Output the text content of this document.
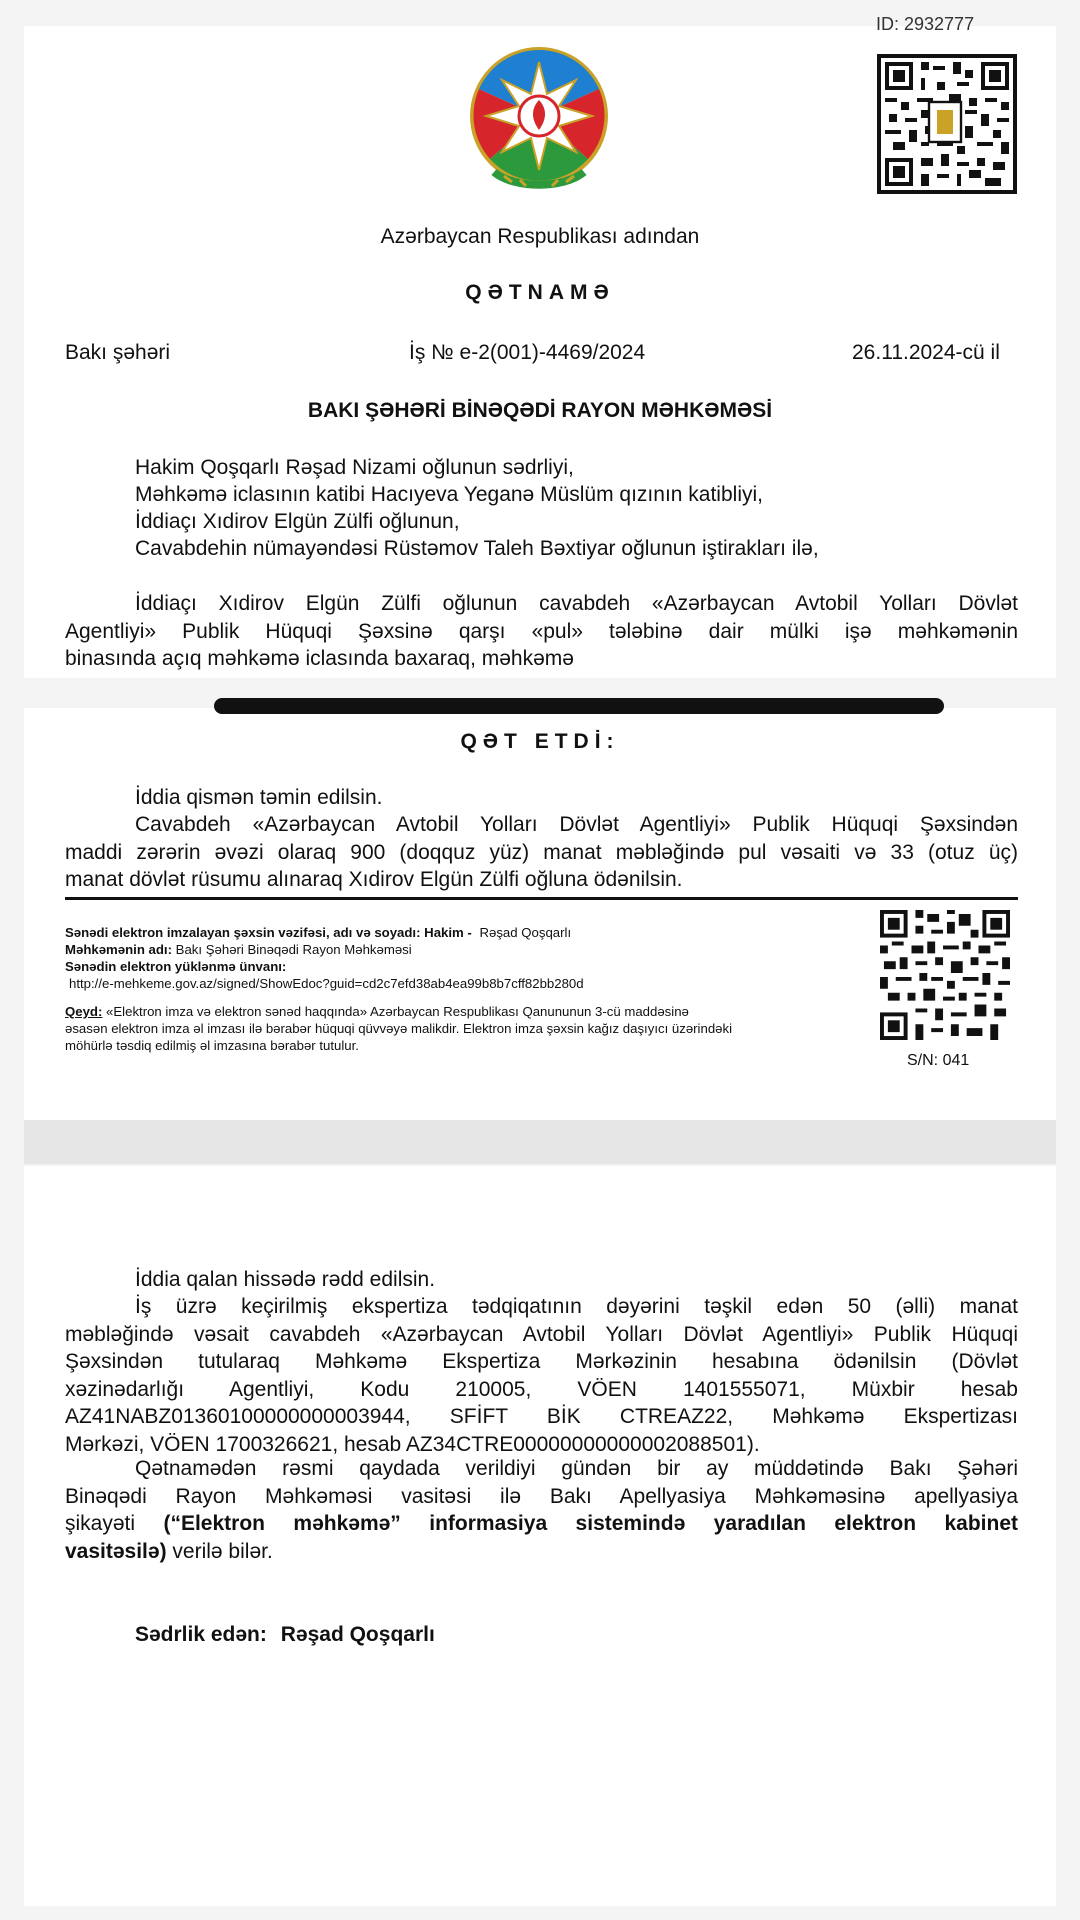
ID: 2932777
Azərbaycan Respublikası adından
QƏTNAMƏ
Bakı şəhəri	İş № e-2(001)-4469/2024	26.11.2024-cü il
BAKI ŞƏHƏRİ BİNƏQƏDİ RAYON MƏHKƏMƏSİ
Hakim Qoşqarlı Rəşad Nizami oğlunun sədrliyi,
Məhkəmə iclasının katibi Hacıyeva Yeganə Müslüm qızının katibliyi,
İddiaçı Xıdirov Elgün Zülfi oğlunun,
Cavabdehin nümayəndəsi Rüstəmov Taleh Bəxtiyar oğlunun iştirakları ilə,
İddiaçı Xıdirov Elgün Zülfi oğlunun cavabdeh «Azərbaycan Avtobil Yolları Dövlət
Agentliyi» Publik Hüquqi Şəxsinə qarşı «pul» tələbinə dair mülki işə məhkəmənin
binasında açıq məhkəmə iclasında baxaraq, məhkəmə
QƏT ETDİ:
İddia qismən təmin edilsin.
Cavabdeh «Azərbaycan Avtobil Yolları Dövlət Agentliyi» Publik Hüquqi Şəxsindən
maddi zərərin əvəzi olaraq 900 (doqquz yüz) manat məbləğində pul vəsaiti və 33 (otuz üç)
manat dövlət rüsumu alınaraq Xıdirov Elgün Zülfi oğluna ödənilsin.
Sənədi elektron imzalayan şəxsin vəzifəsi, adı və soyadı: Hakim - Rəşad Qoşqarlı
Məhkəmənin adı: Bakı Şəhəri Binəqədi Rayon Məhkəməsi
Sənədin elektron yüklənmə ünvanı:
http://e-mehkeme.gov.az/signed/ShowEdoc?guid=cd2c7efd38ab4ea99b8b7cff82bb280d
Qeyd: «Elektron imza və elektron sənəd haqqında» Azərbaycan Respublikası Qanununun 3-cü maddəsinə
əsasən elektron imza əl imzası ilə bərabər hüquqi qüvvəyə malikdir. Elektron imza şəxsin kağız daşıyıcı üzərindəki
möhürlə təsdiq edilmiş əl imzasına bərabər tutulur.
S/N: 041
İddia qalan hissədə rədd edilsin.
İş üzrə keçirilmiş ekspertiza tədqiqatının dəyərini təşkil edən 50 (əlli) manat
məbləğində vəsait cavabdeh «Azərbaycan Avtobil Yolları Dövlət Agentliyi» Publik Hüquqi
Şəxsindən tutularaq Məhkəmə Ekspertiza Mərkəzinin hesabına ödənilsin (Dövlət
xəzinədarlığı Agentliyi, Kodu 210005, VÖEN 1401555071, Müxbir hesab
AZ41NABZ01360100000000003944, SFİFT BİK CTREAZ22, Məhkəmə Ekspertizası
Mərkəzi, VÖEN 1700326621, hesab AZ34CTRE00000000000002088501).
Qətnamədən rəsmi qaydada verildiyi gündən bir ay müddətində Bakı Şəhəri
Binəqədi Rayon Məhkəməsi vasitəsi ilə Bakı Apellyasiya Məhkəməsinə apellyasiya
şikayəti (“Elektron məhkəmə” informasiya sistemində yaradılan elektron kabinet
vasitəsilə) verilə bilər.
Sədrlik edən: Rəşad Qoşqarlı
